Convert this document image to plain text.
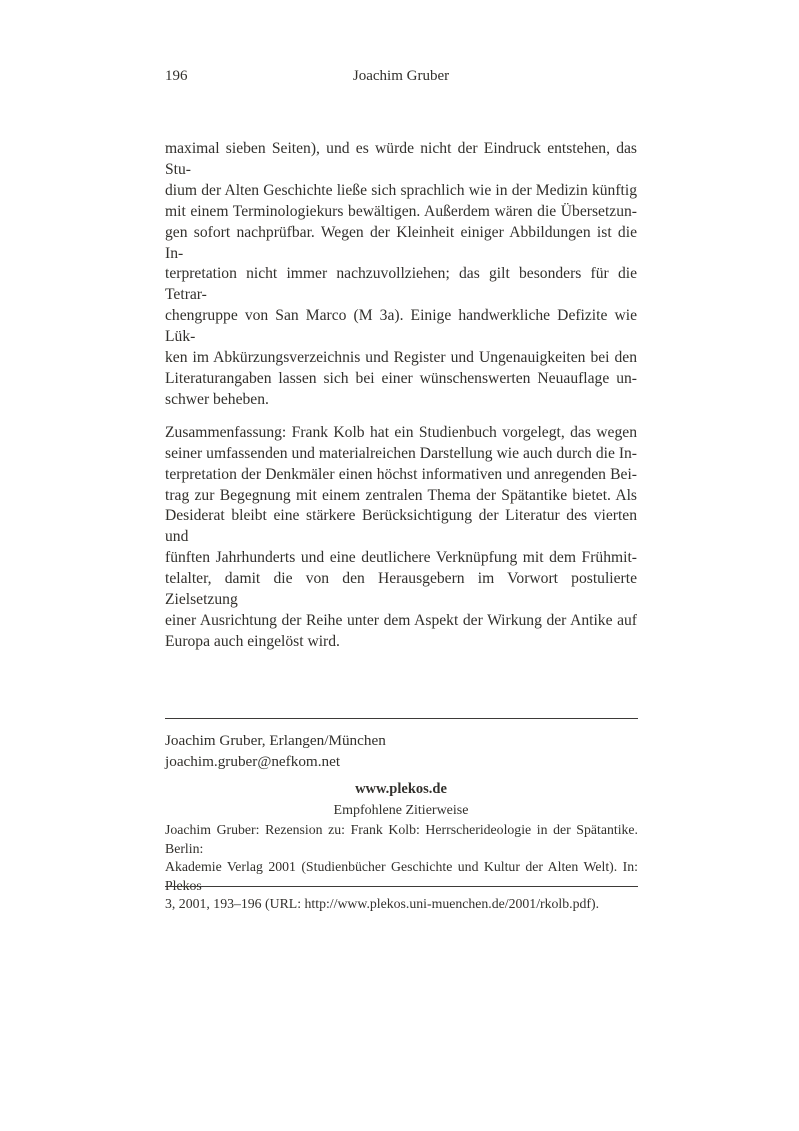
196	Joachim Gruber
maximal sieben Seiten), und es würde nicht der Eindruck entstehen, das Stu-
dium der Alten Geschichte ließe sich sprachlich wie in der Medizin künftig
mit einem Terminologiekurs bewältigen. Außerdem wären die Übersetzun-
gen sofort nachprüfbar. Wegen der Kleinheit einiger Abbildungen ist die In-
terpretation nicht immer nachzuvollziehen; das gilt besonders für die Tetrar-
chengruppe von San Marco (M 3a). Einige handwerkliche Defizite wie Lük-
ken im Abkürzungsverzeichnis und Register und Ungenauigkeiten bei den
Literaturangaben lassen sich bei einer wünschenswerten Neuauflage un-
schwer beheben.
Zusammenfassung: Frank Kolb hat ein Studienbuch vorgelegt, das wegen
seiner umfassenden und materialreichen Darstellung wie auch durch die In-
terpretation der Denkmäler einen höchst informativen und anregenden Bei-
trag zur Begegnung mit einem zentralen Thema der Spätantike bietet. Als
Desiderat bleibt eine stärkere Berücksichtigung der Literatur des vierten und
fünften Jahrhunderts und eine deutlichere Verknüpfung mit dem Frühmit-
telalter, damit die von den Herausgebern im Vorwort postulierte Zielsetzung
einer Ausrichtung der Reihe unter dem Aspekt der Wirkung der Antike auf
Europa auch eingelöst wird.
Joachim Gruber, Erlangen/München
joachim.gruber@nefkom.net
www.plekos.de
Empfohlene Zitierweise
Joachim Gruber: Rezension zu: Frank Kolb: Herrscherideologie in der Spätantike. Berlin:
Akademie Verlag 2001 (Studienbücher Geschichte und Kultur der Alten Welt). In: Plekos
3, 2001, 193–196 (URL: http://www.plekos.uni-muenchen.de/2001/rkolb.pdf).
